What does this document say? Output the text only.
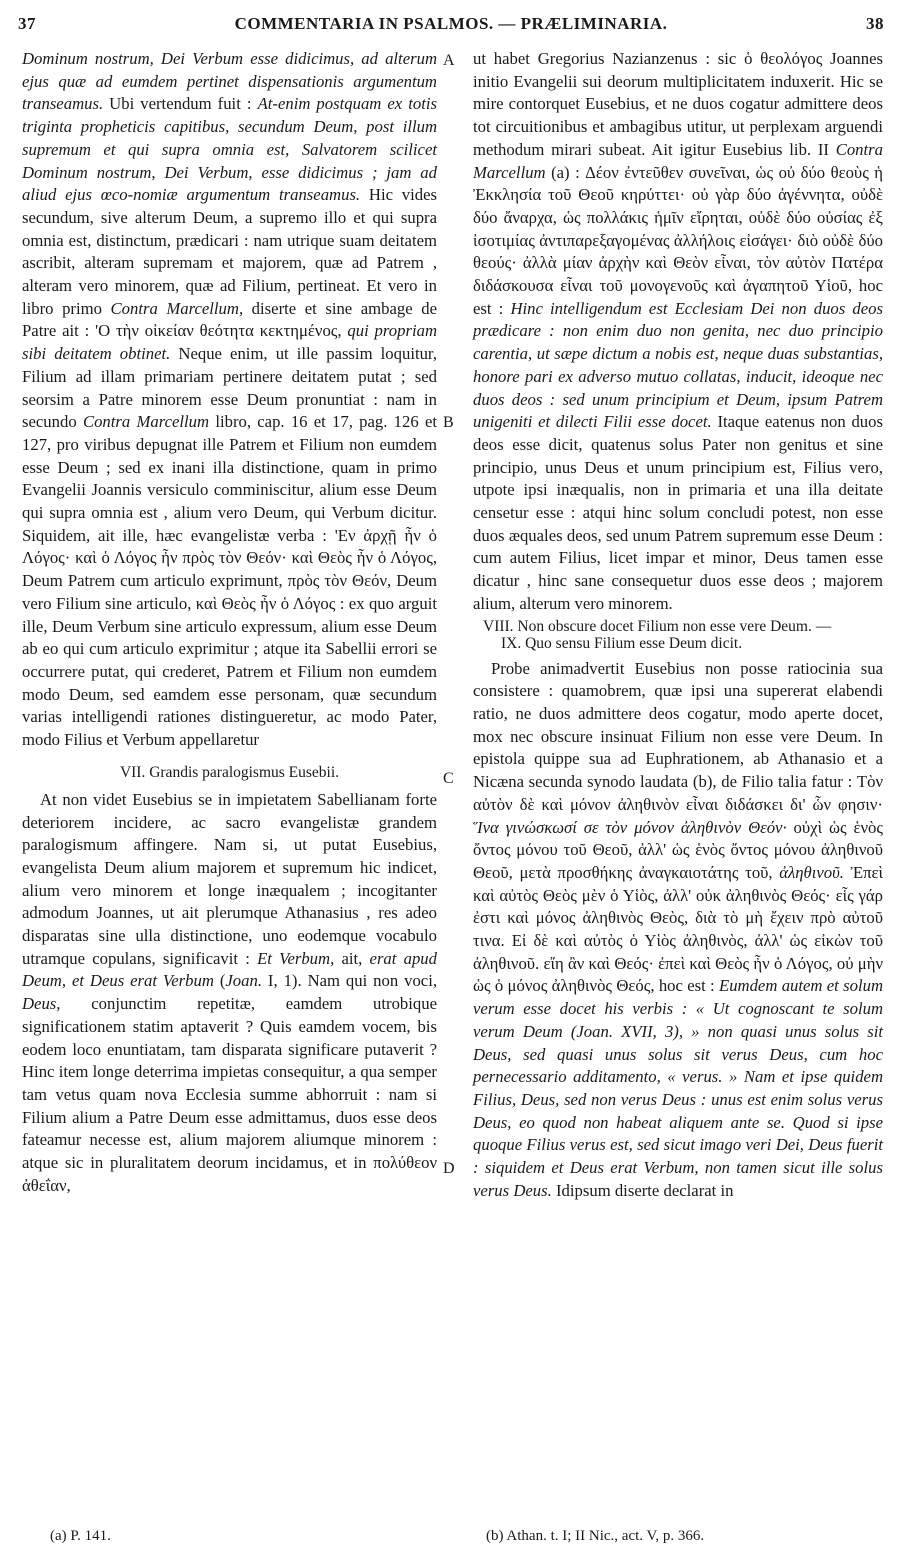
37	COMMENTARIA IN PSALMOS. — PRÆLIMINARIA.	38
A
B
C
D

Dominum nostrum, Dei Verbum esse didicimus, ad alterum ejus quæ ad eumdem pertinet dispensationis argumentum transeamus. Ubi vertendum fuit : At-enim postquam ex totis triginta propheticis capitibus, secundum Deum, post illum supremum et qui supra omnia est, Salvatorem scilicet Dominum nostrum, Dei Verbum, esse didicimus ; jam ad aliud ejus œco-nomiæ argumentum transeamus. Hic vides secundum, sive alterum Deum, a supremo illo et qui supra omnia est, distinctum, prædicari : nam utrique suam deitatem ascribit, alteram supremam et majorem, quæ ad Patrem , alteram vero minorem, quæ ad Filium, pertineat. Et vero in libro primo Contra Marcellum, diserte et sine ambage de Patre ait : 'Ο τὴν οἰκείαν θεότητα κεκτημένος, qui propriam sibi deitatem obtinet. Neque enim, ut ille passim loquitur, Filium ad illam primariam pertinere deitatem putat ; sed seorsim a Patre minorem esse Deum pronuntiat : nam in secundo Contra Marcellum libro, cap. 16 et 17, pag. 126 et 127, pro viribus depugnat ille Patrem et Filium non eumdem esse Deum ; sed ex inani illa distinctione, quam in primo Evangelii Joannis versiculo comminiscitur, alium esse Deum qui supra omnia est , alium vero Deum, qui Verbum dicitur. Siquidem, ait ille, hæc evangelistæ verba : 'Εν ἀρχῇ ἦν ὁ Λόγος· καὶ ὁ Λόγος ἦν πρὸς τὸν Θεόν· καὶ Θεὸς ἦν ὁ Λόγος, Deum Patrem cum articulo exprimunt, πρὸς τὸν Θεόν, Deum vero Filium sine articulo, καὶ Θεὸς ἦν ὁ Λόγος : ex quo arguit ille, Deum Verbum sine articulo expressum, alium esse Deum ab eo qui cum articulo exprimitur ; atque ita Sabellii errori se occurrere putat, qui crederet, Patrem et Filium non eumdem modo Deum, sed eamdem esse personam, quæ secundum varias intelligendi rationes distingueretur, ac modo Pater, modo Filius et Verbum appellaretur

VII. Grandis paralogismus Eusebii.

At non videt Eusebius se in impietatem Sabellianam forte deteriorem incidere, ac sacro evangelistæ grandem paralogismum affingere. Nam si, ut putat Eusebius, evangelista Deum alium majorem et supremum hic indicet, alium vero minorem et longe inæqualem ; incogitanter admodum Joannes, ut ait plerumque Athanasius , res adeo disparatas sine ulla distinctione, uno eodemque vocabulo utramque copulans, significavit : Et Verbum, ait, erat apud Deum, et Deus erat Verbum (Joan. I, 1). Nam qui non voci, Deus, conjunctim repetitæ, eamdem utrobique significationem statim aptaverit ? Quis eamdem vocem, bis eodem loco enuntiatam, tam disparata significare putaverit ? Hinc item longe deterrima impietas consequitur, a qua semper tam vetus quam nova Ecclesia summe abhorruit : nam si Filium alium a Patre Deum esse admittamus, duos esse deos fateamur necesse est, alium majorem aliumque minorem : atque sic in pluralitatem deorum incidamus, et in πολύθεον ἀθεΐαν,

ut habet Gregorius Nazianzenus : sic ὁ θεολόγος Joannes initio Evangelii sui deorum multiplicitatem induxerit. Hic se mire contorquet Eusebius, et ne duos cogatur admittere deos tot circuitionibus et ambagibus utitur, ut perplexam arguendi methodum mirari subeat. Ait igitur Eusebius lib. II Contra Marcellum (a) : Δέον ἐντεῦθεν συνεῖναι, ὡς οὐ δύο θεοὺς ἡ Ἐκκλησία τοῦ Θεοῦ κηρύττει· οὐ γὰρ δύο ἀγέννητα, οὐδὲ δύο ἄναρχα, ὡς πολλάκις ἡμῖν εἴρηται, οὐδὲ δύο οὐσίας ἐξ ἰσοτιμίας ἀντιπαρεξαγομένας ἀλλήλοις εἰσάγει· διὸ οὐδὲ δύο θεούς· ἀλλὰ μίαν ἀρχὴν καὶ Θεὸν εἶναι, τὸν αὐτὸν Πατέρα διδάσκουσα εἶναι τοῦ μονογενοῦς καὶ ἀγαπητοῦ Υἱοῦ, hoc est : Hinc intelligendum est Ecclesiam Dei non duos deos prædicare : non enim duo non genita, nec duo principio carentia, ut sæpe dictum a nobis est, neque duas substantias, honore pari ex adverso mutuo collatas, inducit, ideoque nec duos deos : sed unum principium et Deum, ipsum Patrem unigeniti et dilecti Filii esse docet. Itaque eatenus non duos deos esse dicit, quatenus solus Pater non genitus et sine principio, unus Deus et unum principium est, Filius vero, utpote ipsi inæqualis, non in primaria et una illa deitate censetur esse : atqui hinc solum concludi potest, non esse duos æquales deos, sed unum Patrem supremum esse Deum : cum autem Filius, licet impar et minor, Deus tamen esse dicatur , hinc sane consequetur duos esse deos ; majorem alium, alterum vero minorem.

VIII. Non obscure docet Filium non esse vere Deum. —
IX. Quo sensu Filium esse Deum dicit.

Probe animadvertit Eusebius non posse ratiocinia sua consistere : quamobrem, quæ ipsi una supererat elabendi ratio, ne duos admittere deos cogatur, modo aperte docet, mox nec obscure insinuat Filium non esse vere Deum. In epistola quippe sua ad Euphrationem, ab Athanasio et a Nicæna secunda synodo laudata (b), de Filio talia fatur : Τὸν αὐτὸν δὲ καὶ μόνον ἀληθινὸν εἶναι διδάσκει δι' ὧν φησιν· Ἵνα γινώσκωσί σε τὸν μόνον ἀληθινὸν Θεόν· οὐχὶ ὡς ἑνὸς ὄντος μόνου τοῦ Θεοῦ, ἀλλ' ὡς ἑνὸς ὄντος μόνου ἀληθινοῦ Θεοῦ, μετὰ προσθήκης ἀναγκαιοτάτης τοῦ, ἀληθινοῦ. Ἐπεὶ καὶ αὐτὸς Θεὸς μὲν ὁ Υἱὸς, ἀλλ' οὐκ ἀληθινὸς Θεός· εἷς γάρ ἐστι καὶ μόνος ἀληθινὸς Θεὸς, διὰ τὸ μὴ ἔχειν πρὸ αὐτοῦ τινα. Εἰ δὲ καὶ αὐτὸς ὁ Υἱὸς ἀληθινὸς, ἀλλ' ὡς εἰκὼν τοῦ ἀληθινοῦ. εἴη ἂν καὶ Θεός· ἐπεὶ καὶ Θεὸς ἦν ὁ Λόγος, οὐ μὴν ὡς ὁ μόνος ἀληθινὸς Θεός, hoc est : Eumdem autem et solum verum esse docet his verbis : « Ut cognoscant te solum verum Deum (Joan. XVII, 3), » non quasi unus solus sit Deus, sed quasi unus solus sit verus Deus, cum hoc pernecessario additamento, « verus. » Nam et ipse quidem Filius, Deus, sed non verus Deus : unus est enim solus verus Deus, eo quod non habeat aliquem ante se. Quod si ipse quoque Filius verus est, sed sicut imago veri Dei, Deus fuerit : siquidem et Deus erat Verbum, non tamen sicut ille solus verus Deus. Idipsum diserte declarat in

(a) P. 141.	(b) Athan. t. I; II Nic., act. V, p. 366.
